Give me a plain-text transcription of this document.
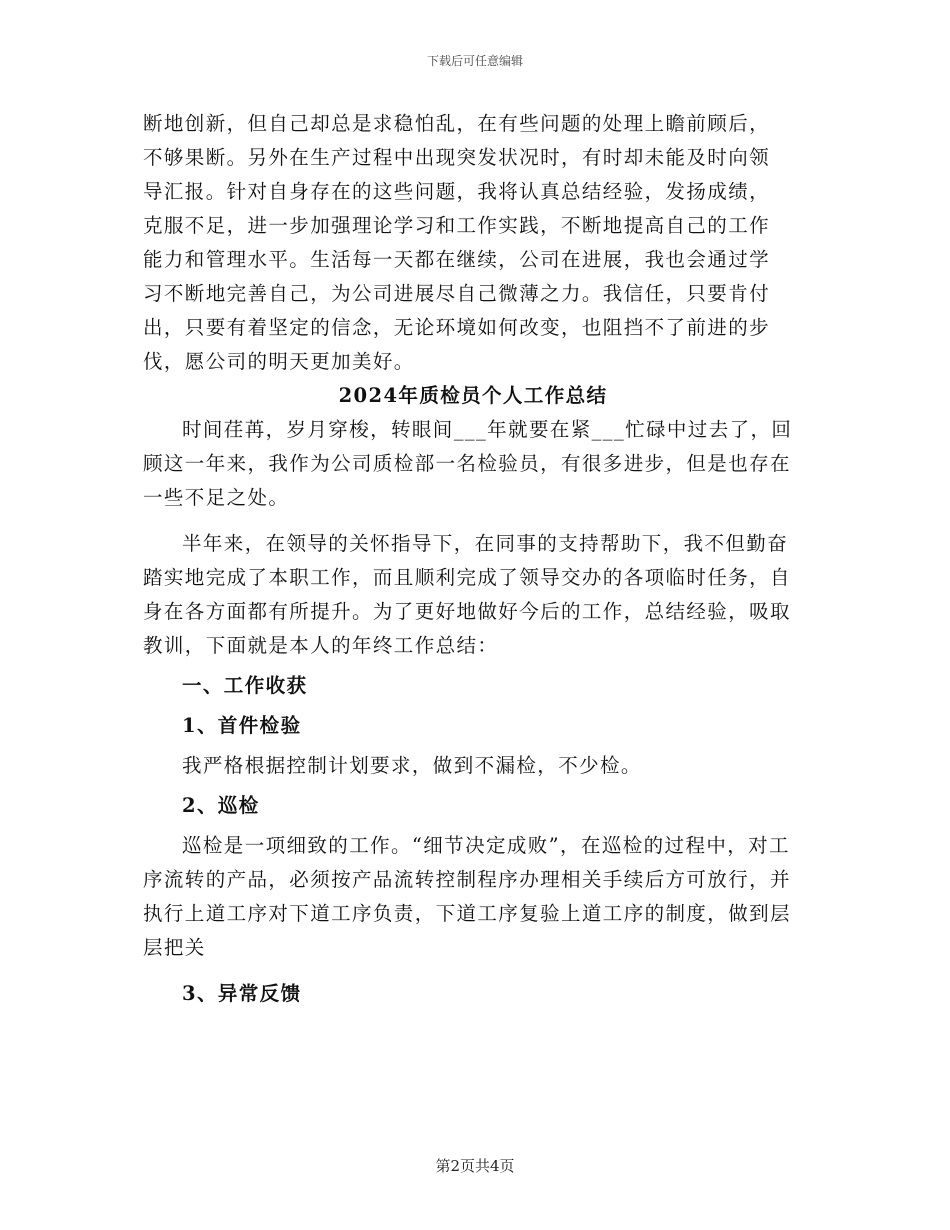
下载后可任意编辑

断地创新，但自己却总是求稳怕乱，在有些问题的处理上瞻前顾后，
不够果断。另外在生产过程中出现突发状况时，有时却未能及时向领
导汇报。针对自身存在的这些问题，我将认真总结经验，发扬成绩，
克服不足，进一步加强理论学习和工作实践，不断地提高自己的工作
能力和管理水平。生活每一天都在继续，公司在进展，我也会通过学
习不断地完善自己，为公司进展尽自己微薄之力。我信任，只要肯付
出，只要有着坚定的信念，无论环境如何改变，也阻挡不了前进的步
伐，愿公司的明天更加美好。

2024年质检员个人工作总结

时间荏苒，岁月穿梭，转眼间___年就要在紧___忙碌中过去了，回顾这一年来，我作为公司质检部一名检验员，有很多进步，但是也存在一些不足之处。

半年来，在领导的关怀指导下，在同事的支持帮助下，我不但勤奋踏实地完成了本职工作，而且顺利完成了领导交办的各项临时任务，自身在各方面都有所提升。为了更好地做好今后的工作，总结经验，吸取教训，下面就是本人的年终工作总结：

一、工作收获

1、首件检验

我严格根据控制计划要求，做到不漏检，不少检。

2、巡检

巡检是一项细致的工作。“细节决定成败”，在巡检的过程中，对工序流转的产品，必须按产品流转控制程序办理相关手续后方可放行，并执行上道工序对下道工序负责，下道工序复验上道工序的制度，做到层层把关

3、异常反馈

第2页共4页
